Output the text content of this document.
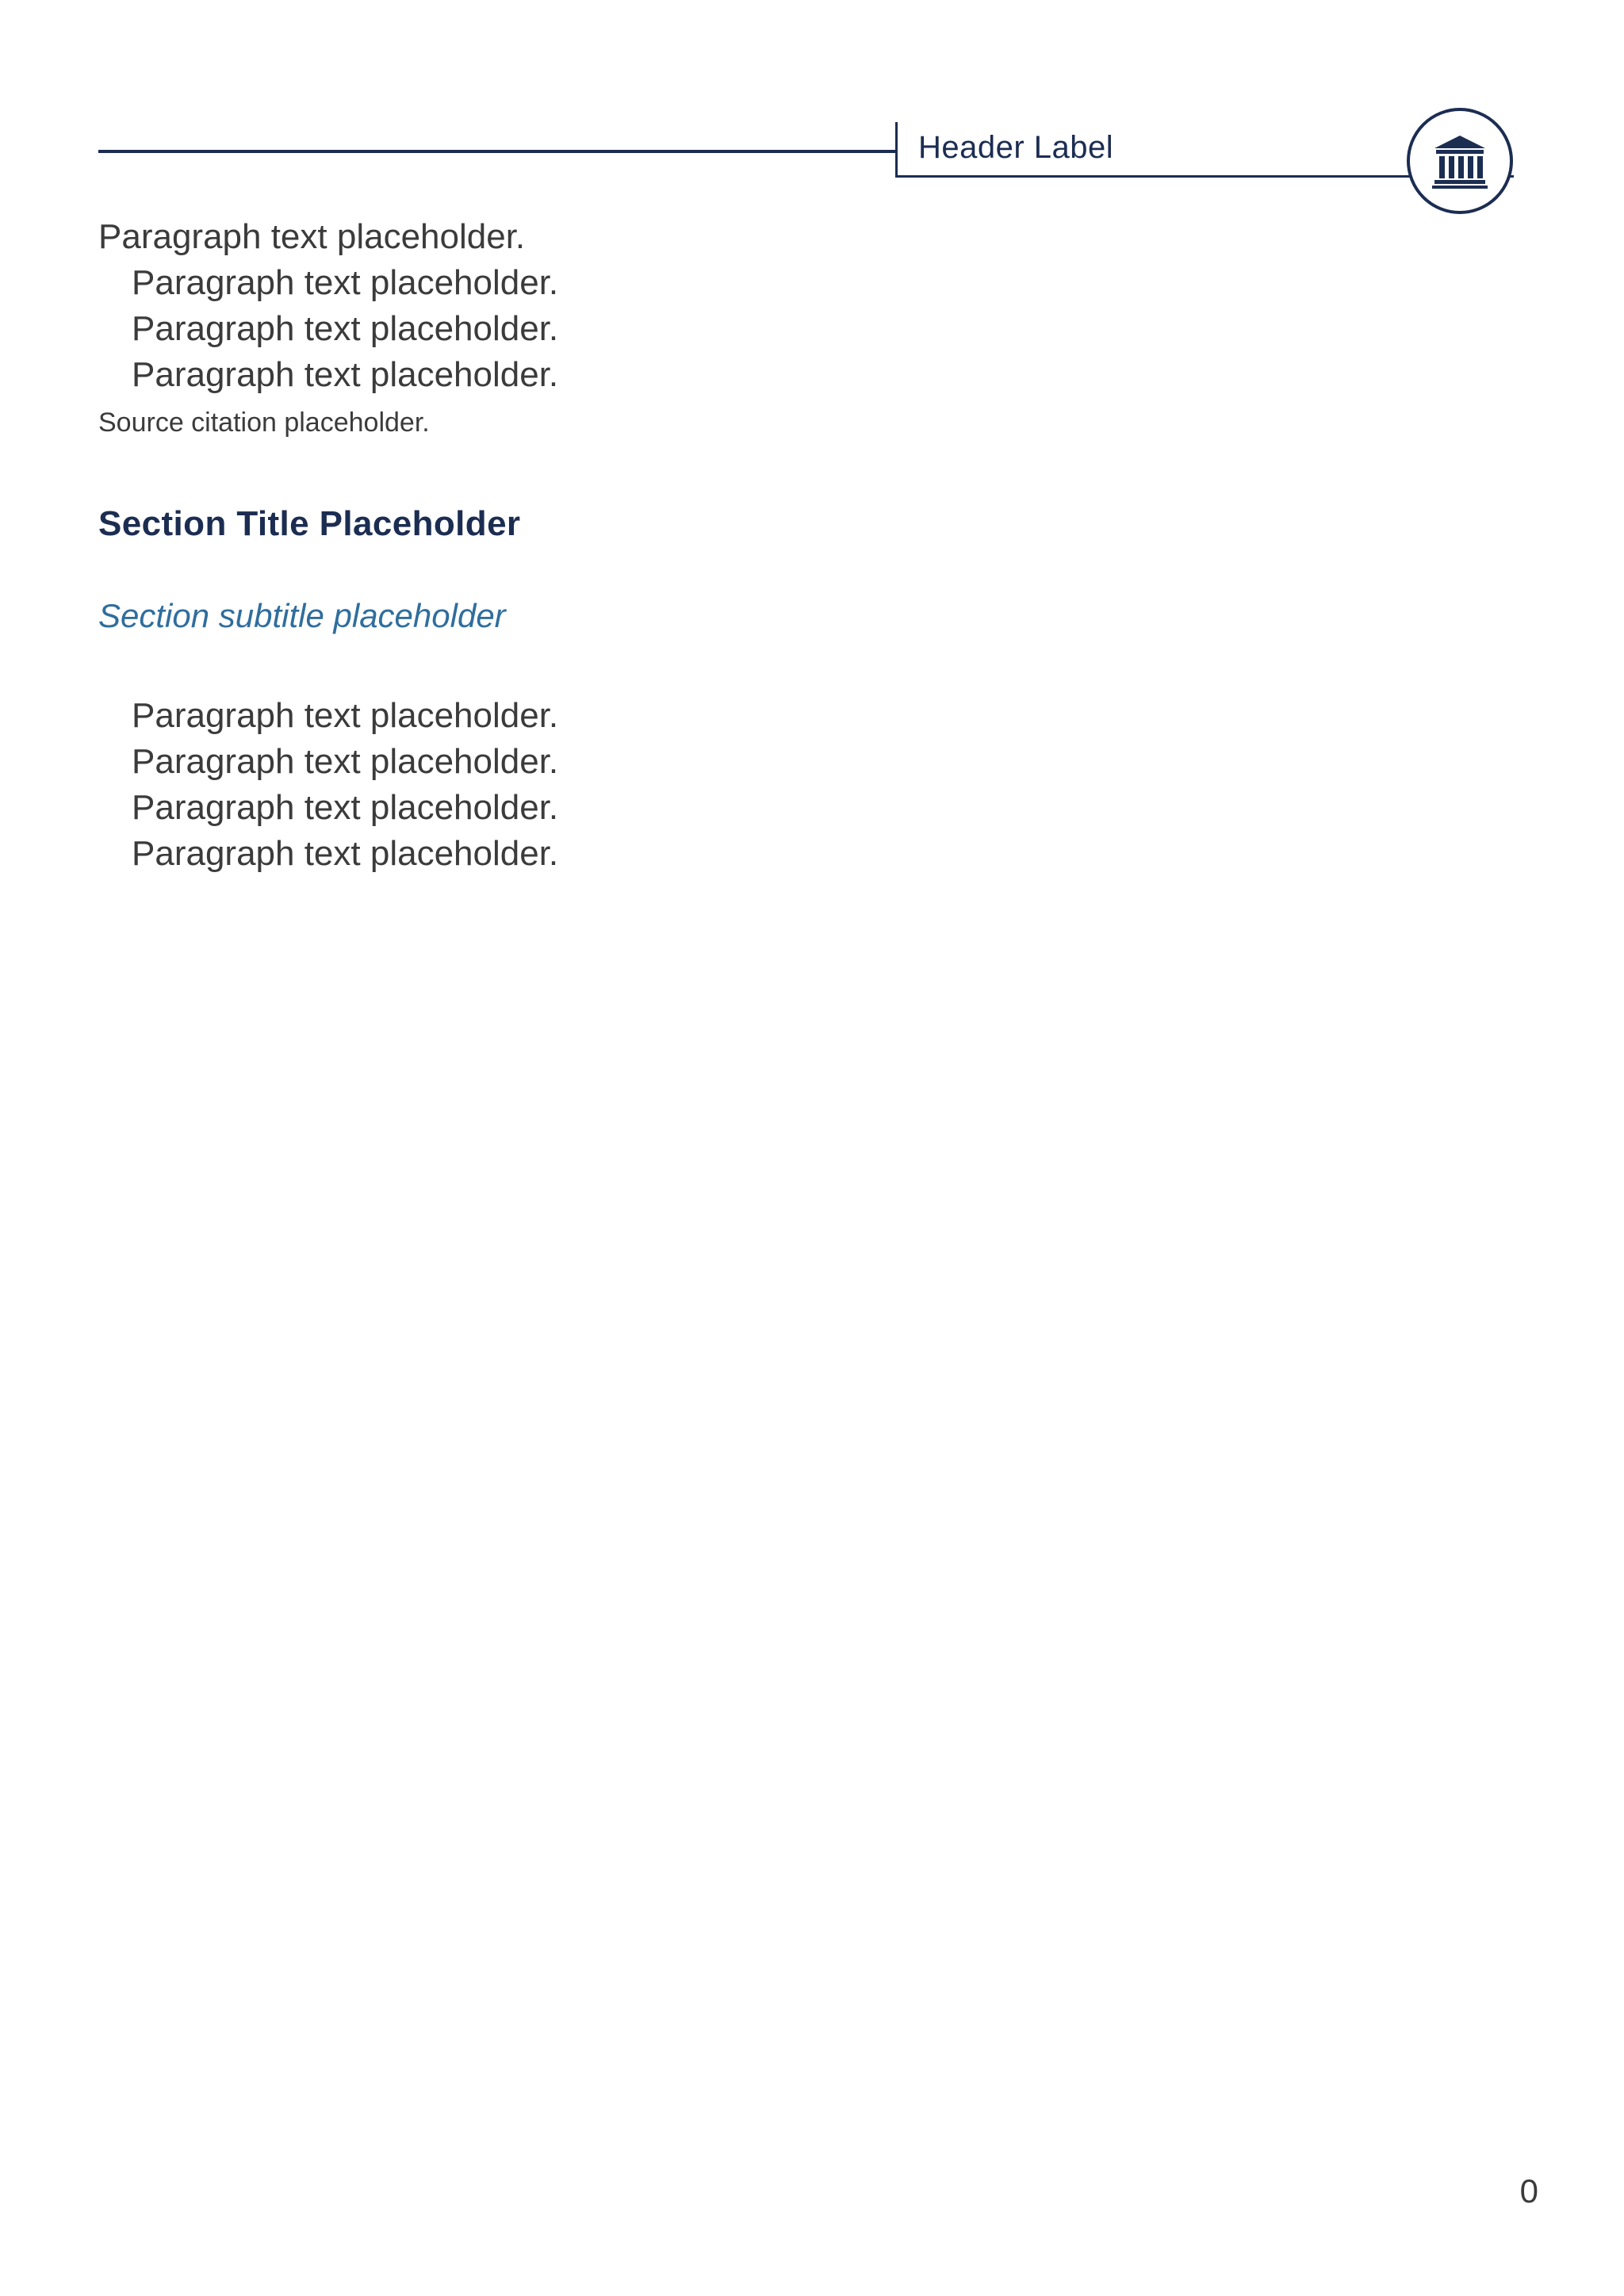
Header Label

Paragraph text placeholder.

Paragraph text placeholder.

Paragraph text placeholder.

Paragraph text placeholder.

Source citation placeholder.

Section Title Placeholder

Section subtitle placeholder

Paragraph text placeholder.

Paragraph text placeholder.

Paragraph text placeholder.

Paragraph text placeholder.

0
